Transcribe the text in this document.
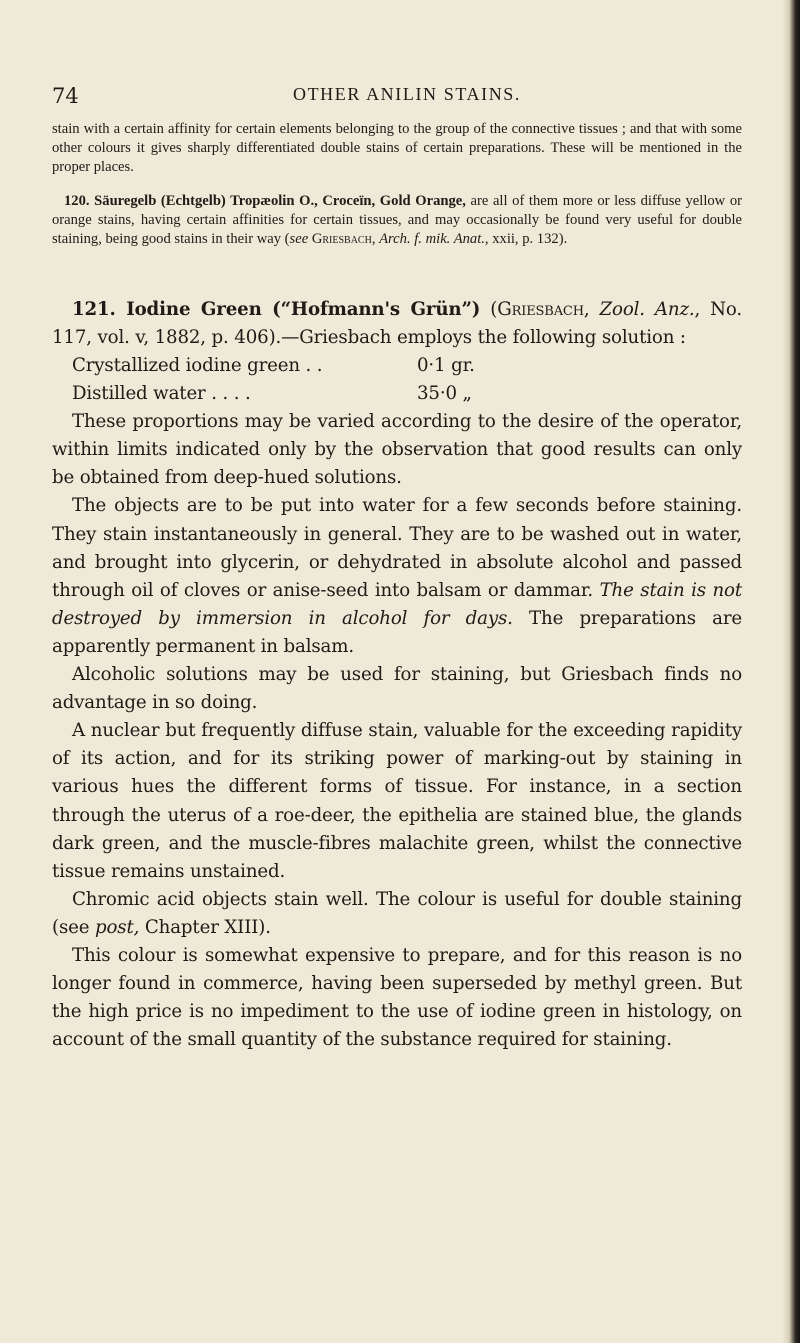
74	OTHER ANILIN STAINS.

stain with a certain affinity for certain elements belonging to the group of the connective tissues ; and that with some other colours it gives sharply differentiated double stains of certain preparations. These will be mentioned in the proper places.

120. Säuregelb (Echtgelb) Tropæolin O., Croceïn, Gold Orange, are all of them more or less diffuse yellow or orange stains, having certain affinities for certain tissues, and may occasionally be found very useful for double staining, being good stains in their way (see Griesbach, Arch. f. mik. Anat., xxii, p. 132).

121. Iodine Green (“Hofmann's Grün”) (Griesbach, Zool. Anz., No. 117, vol. v, 1882, p. 406).—Griesbach employs the following solution :

Crystallized iodine green . .	0·1 gr.
Distilled water . . . .	35·0 „

These proportions may be varied according to the desire of the operator, within limits indicated only by the observation that good results can only be obtained from deep-hued solutions.

The objects are to be put into water for a few seconds before staining. They stain instantaneously in general. They are to be washed out in water, and brought into glycerin, or dehydrated in absolute alcohol and passed through oil of cloves or anise-seed into balsam or dammar. The stain is not destroyed by immersion in alcohol for days. The preparations are apparently permanent in balsam.

Alcoholic solutions may be used for staining, but Griesbach finds no advantage in so doing.

A nuclear but frequently diffuse stain, valuable for the exceeding rapidity of its action, and for its striking power of marking-out by staining in various hues the different forms of tissue. For instance, in a section through the uterus of a roe-deer, the epithelia are stained blue, the glands dark green, and the muscle-fibres malachite green, whilst the connective tissue remains unstained.

Chromic acid objects stain well. The colour is useful for double staining (see post, Chapter XIII).

This colour is somewhat expensive to prepare, and for this reason is no longer found in commerce, having been superseded by methyl green. But the high price is no impediment to the use of iodine green in histology, on account of the small quantity of the substance required for staining.
